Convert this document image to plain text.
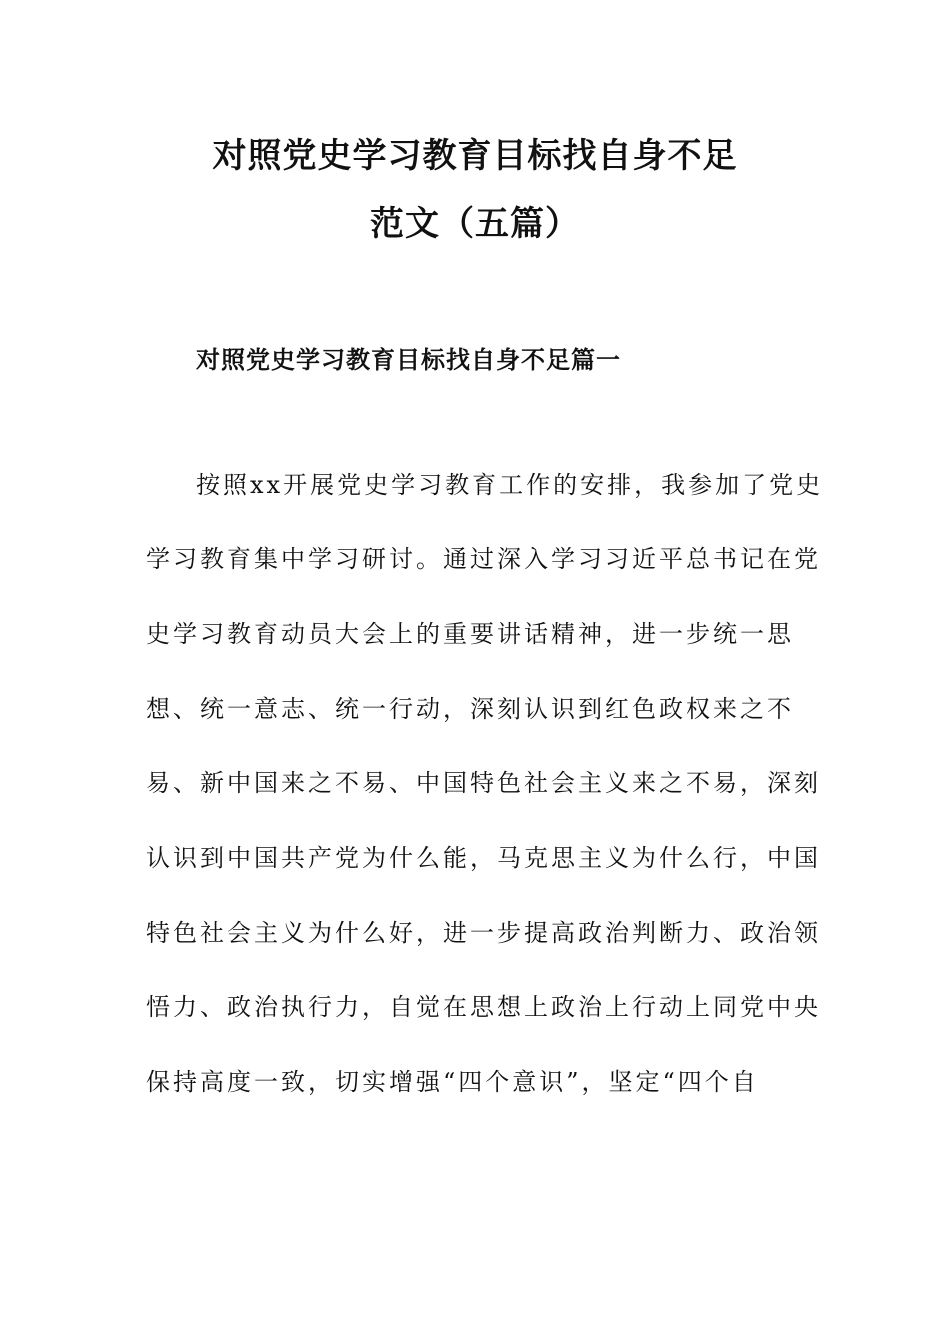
对照党史学习教育目标找自身不足
范文（五篇）
对照党史学习教育目标找自身不足篇一
按照xx开展党史学习教育工作的安排，我参加了党史
学习教育集中学习研讨。通过深入学习习近平总书记在党
史学习教育动员大会上的重要讲话精神，进一步统一思
想、统一意志、统一行动，深刻认识到红色政权来之不
易、新中国来之不易、中国特色社会主义来之不易，深刻
认识到中国共产党为什么能，马克思主义为什么行，中国
特色社会主义为什么好，进一步提高政治判断力、政治领
悟力、政治执行力，自觉在思想上政治上行动上同党中央
保持高度一致，切实增强“四个意识”，坚定“四个自
